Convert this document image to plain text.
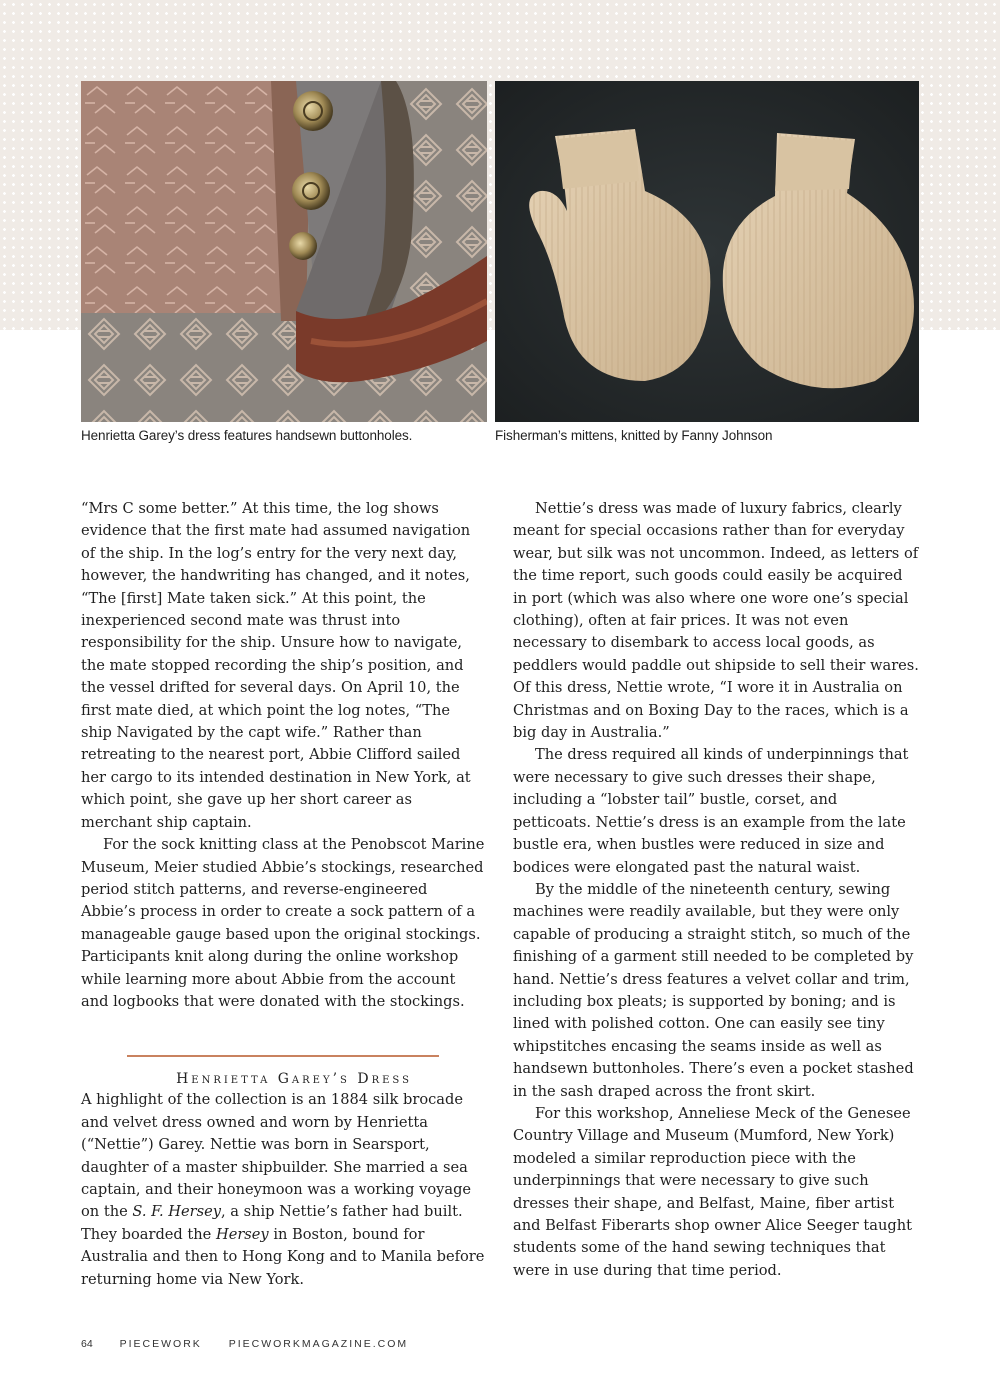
Henrietta Garey’s dress features handsewn buttonholes.	Fisherman’s mittens, knitted by Fanny Johnson

“Mrs C some better.” At this time, the log shows evidence that the first mate had assumed navigation of the ship. In the log’s entry for the very next day, however, the handwriting has changed, and it notes, “The [first] Mate taken sick.” At this point, the inexperienced second mate was thrust into responsibility for the ship. Unsure how to navigate, the mate stopped recording the ship’s position, and the vessel drifted for several days. On April 10, the first mate died, at which point the log notes, “The ship Navigated by the capt wife.” Rather than retreating to the nearest port, Abbie Clifford sailed her cargo to its intended destination in New York, at which point, she gave up her short career as merchant ship captain.

For the sock knitting class at the Penobscot Marine Museum, Meier studied Abbie’s stockings, researched period stitch patterns, and reverse-engineered Abbie’s process in order to create a sock pattern of a manageable gauge based upon the original stockings. Participants knit along during the online workshop while learning more about Abbie from the account and logbooks that were donated with the stockings.

Henrietta Garey’s Dress

A highlight of the collection is an 1884 silk brocade and velvet dress owned and worn by Henrietta (“Nettie”) Garey. Nettie was born in Searsport, daughter of a master shipbuilder. She married a sea captain, and their honeymoon was a working voyage on the S. F. Hersey, a ship Nettie’s father had built. They boarded the Hersey in Boston, bound for Australia and then to Hong Kong and to Manila before returning home via New York.

Nettie’s dress was made of luxury fabrics, clearly meant for special occasions rather than for everyday wear, but silk was not uncommon. Indeed, as letters of the time report, such goods could easily be acquired in port (which was also where one wore one’s special clothing), often at fair prices. It was not even necessary to disembark to access local goods, as peddlers would paddle out shipside to sell their wares. Of this dress, Nettie wrote, “I wore it in Australia on Christmas and on Boxing Day to the races, which is a big day in Australia.”

The dress required all kinds of underpinnings that were necessary to give such dresses their shape, including a “lobster tail” bustle, corset, and petticoats. Nettie’s dress is an example from the late bustle era, when bustles were reduced in size and bodices were elongated past the natural waist.

By the middle of the nineteenth century, sewing machines were readily available, but they were only capable of producing a straight stitch, so much of the finishing of a garment still needed to be completed by hand. Nettie’s dress features a velvet collar and trim, including box pleats; is supported by boning; and is lined with polished cotton. One can easily see tiny whipstitches encasing the seams inside as well as handsewn buttonholes. There’s even a pocket stashed in the sash draped across the front skirt.

For this workshop, Anneliese Meck of the Genesee Country Village and Museum (Mumford, New York) modeled a similar reproduction piece with the underpinnings that were necessary to give such dresses their shape, and Belfast, Maine, fiber artist and Belfast Fiberarts shop owner Alice Seeger taught students some of the hand sewing techniques that were in use during that time period.

64	PIECEWORK	PIECWORKMAGAZINE.COM
